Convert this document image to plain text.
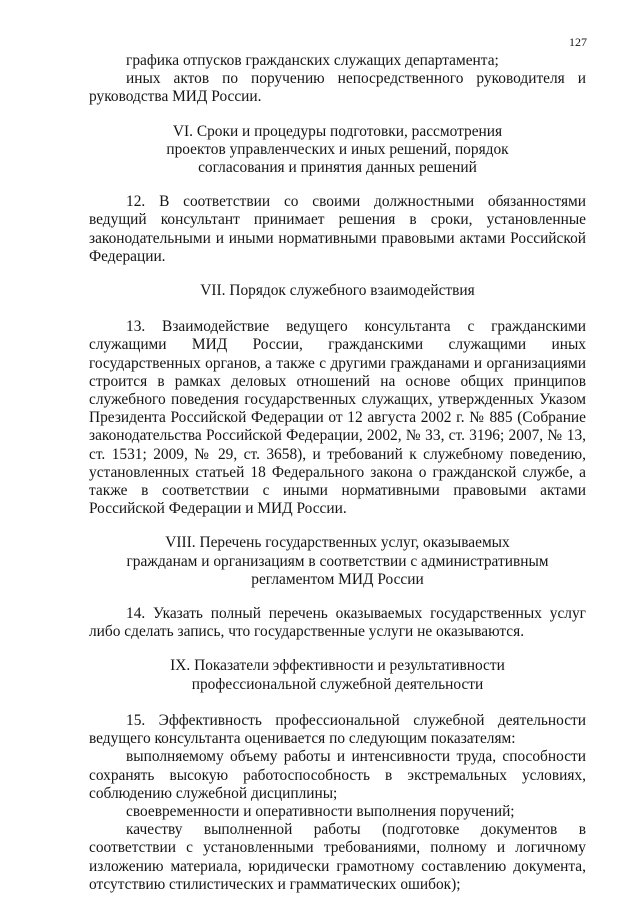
127

графика отпусков гражданских служащих департамента;

иных актов по поручению непосредственного руководителя и руководства МИД России.

VI. Сроки и процедуры подготовки, рассмотрения
проектов управленческих и иных решений, порядок
согласования и принятия данных решений

12. В соответствии со своими должностными обязанностями ведущий консультант принимает решения в сроки, установленные законодательными и иными нормативными правовыми актами Российской Федерации.

VII. Порядок служебного взаимодействия

13. Взаимодействие ведущего консультанта с гражданскими служащими МИД России, гражданскими служащими иных государственных органов, а также с другими гражданами и организациями строится в рамках деловых отношений на основе общих принципов служебного поведения государственных служащих, утвержденных Указом Президента Российской Федерации от 12 августа 2002 г. № 885 (Собрание законодательства Российской Федерации, 2002, № 33, ст. 3196; 2007, № 13, ст. 1531; 2009, № 29, ст. 3658), и требований к служебному поведению, установленных статьей 18 Федерального закона о гражданской службе, а также в соответствии с иными нормативными правовыми актами Российской Федерации и МИД России.

VIII. Перечень государственных услуг, оказываемых
гражданам и организациям в соответствии с административным
регламентом МИД России

14. Указать полный перечень оказываемых государственных услуг либо сделать запись, что государственные услуги не оказываются.

IX. Показатели эффективности и результативности
профессиональной служебной деятельности

15. Эффективность профессиональной служебной деятельности ведущего консультанта оценивается по следующим показателям:

выполняемому объему работы и интенсивности труда, способности сохранять высокую работоспособность в экстремальных условиях, соблюдению служебной дисциплины;

своевременности и оперативности выполнения поручений;

качеству выполненной работы (подготовке документов в соответствии с установленными требованиями, полному и логичному изложению материала, юридически грамотному составлению документа, отсутствию стилистических и грамматических ошибок);
